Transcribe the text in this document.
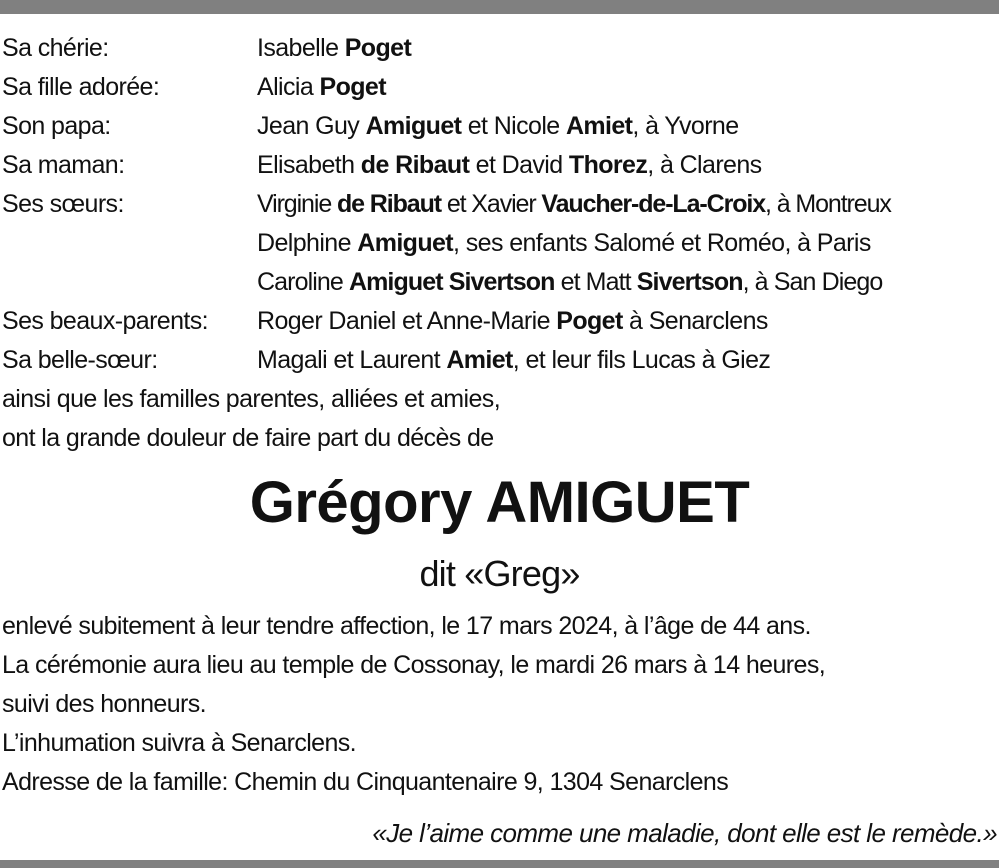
Sa chérie:	Isabelle Poget
Sa fille adorée:	Alicia Poget
Son papa:	Jean Guy Amiguet et Nicole Amiet, à Yvorne
Sa maman:	Elisabeth de Ribaut et David Thorez, à Clarens
Ses sœurs:	Virginie de Ribaut et Xavier Vaucher-de-La-Croix, à Montreux
Delphine Amiguet, ses enfants Salomé et Roméo, à Paris
Caroline Amiguet Sivertson et Matt Sivertson, à San Diego
Ses beaux-parents: Roger Daniel et Anne-Marie Poget à Senarclens
Sa belle-sœur:	Magali et Laurent Amiet, et leur fils Lucas à Giez
ainsi que les familles parentes, alliées et amies,
ont la grande douleur de faire part du décès de
Grégory AMIGUET
dit «Greg»
enlevé subitement à leur tendre affection, le 17 mars 2024, à l’âge de 44 ans.
La cérémonie aura lieu au temple de Cossonay, le mardi 26 mars à 14 heures,
suivi des honneurs.
L’inhumation suivra à Senarclens.
Adresse de la famille: Chemin du Cinquantenaire 9, 1304 Senarclens
«Je l’aime comme une maladie, dont elle est le remède.»
